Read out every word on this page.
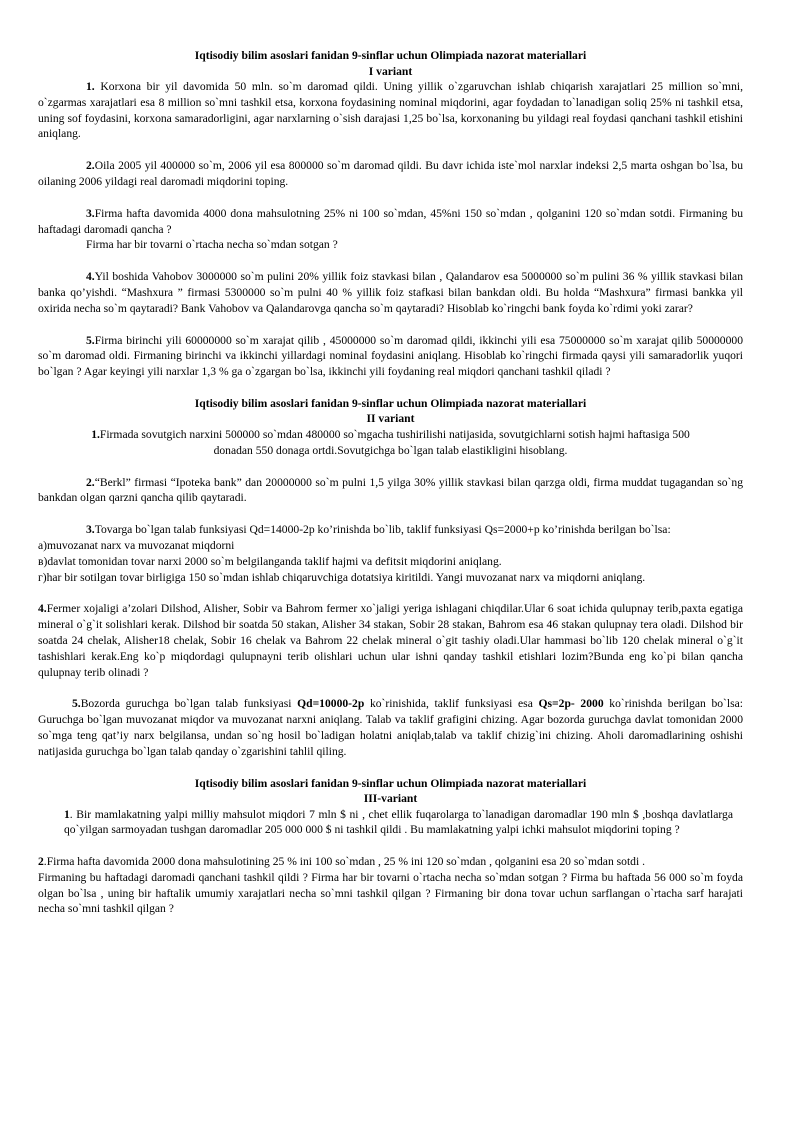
Iqtisodiy bilim asoslari fanidan 9-sinflar uchun Olimpiada nazorat materiallari
I variant

1. Korxona bir yil davomida 50 mln. so`m daromad qildi. Uning yillik o`zgaruvchan ishlab chiqarish xarajatlari 25 million so`mni, o`zgarmas xarajatlari esa 8 million so`mni tashkil etsa, korxona foydasining nominal miqdorini, agar foydadan to`lanadigan soliq 25% ni tashkil etsa, uning sof foydasini, korxona samaradorligini, agar narxlarning o`sish darajasi 1,25 bo`lsa, korxonaning bu yildagi real foydasi qanchani tashkil etishini aniqlang.

2.Oila 2005 yil 400000 so`m, 2006 yil esa 800000 so`m daromad qildi. Bu davr ichida iste`mol narxlar indeksi 2,5 marta oshgan bo`lsa, bu oilaning 2006 yildagi real daromadi miqdorini toping.

3.Firma hafta davomida 4000 dona mahsulotning 25% ni 100 so`mdan, 45%ni 150 so`mdan , qolganini 120 so`mdan sotdi. Firmaning bu haftadagi daromadi qancha ?

Firma har bir tovarni o`rtacha necha so`mdan sotgan ?

4.Yil boshida Vahobov 3000000 so`m pulini 20% yillik foiz stavkasi bilan , Qalandarov esa 5000000 so`m pulini 36 % yillik stavkasi bilan banka qo’yishdi. “Mashxura ” firmasi 5300000 so`m pulni 40 % yillik foiz stafkasi bilan bankdan oldi. Bu holda “Mashxura” firmasi bankka yil oxirida necha so`m qaytaradi? Bank Vahobov va Qalandarovga qancha so`m qaytaradi? Hisoblab ko`ringchi bank foyda ko`rdimi yoki zarar?

5.Firma birinchi yili 60000000 so`m xarajat qilib , 45000000 so`m daromad qildi, ikkinchi yili esa 75000000 so`m xarajat qilib 50000000 so`m daromad oldi. Firmaning birinchi va ikkinchi yillardagi nominal foydasini aniqlang. Hisoblab ko`ringchi firmada qaysi yili samaradorlik yuqori bo`lgan ? Agar keyingi yili narxlar 1,3 % ga o`zgargan bo`lsa, ikkinchi yili foydaning real miqdori qanchani tashkil qiladi ?

Iqtisodiy bilim asoslari fanidan 9-sinflar uchun Olimpiada nazorat materiallari
II variant

1.Firmada sovutgich narxini 500000 so`mdan 480000 so`mgacha tushirilishi natijasida, sovutgichlarni sotish hajmi haftasiga 500

donadan 550 donaga ortdi.Sovutgichga bo`lgan talab elastikligini hisoblang.

2.“Berkl” firmasi “Ipoteka bank” dan 20000000 so`m pulni 1,5 yilga 30% yillik stavkasi bilan qarzga oldi, firma muddat tugagandan so`ng bankdan olgan qarzni qancha qilib qaytaradi.

3.Tovarga bo`lgan talab funksiyasi Qd=14000-2p ko’rinishda bo`lib, taklif funksiyasi Qs=2000+p ko’rinishda berilgan bo`lsa:

a)muvozanat narx va muvozanat miqdorni

в)davlat tomonidan tovar narxi 2000 so`m belgilanganda taklif hajmi va defitsit miqdorini aniqlang.

г)har bir sotilgan tovar birligiga 150 so`mdan ishlab chiqaruvchiga dotatsiya kiritildi. Yangi muvozanat narx va miqdorni aniqlang.

4.Fermer xojaligi a’zolari Dilshod, Alisher, Sobir va Bahrom fermer xo`jaligi yeriga ishlagani chiqdilar.Ular 6 soat ichida qulupnay terib,paxta egatiga mineral o`g`it solishlari kerak. Dilshod bir soatda 50 stakan, Alisher 34 stakan, Sobir 28 stakan, Bahrom esa 46 stakan qulupnay tera oladi. Dilshod bir soatda 24 chelak, Alisher18 chelak, Sobir 16 chelak va Bahrom 22 chelak mineral o`git tashiy oladi.Ular hammasi bo`lib 120 chelak mineral o`g`it tashishlari kerak.Eng ko`p miqdordagi qulupnayni terib olishlari uchun ular ishni qanday tashkil etishlari lozim?Bunda eng ko`pi bilan qancha qulupnay terib olinadi ?

5.Bozorda guruchga bo`lgan talab funksiyasi Qd=10000-2p ko`rinishida, taklif funksiyasi esa Qs=2p- 2000 ko`rinishda berilgan bo`lsa: Guruchga bo`lgan muvozanat miqdor va muvozanat narxni aniqlang. Talab va taklif grafigini chizing. Agar bozorda guruchga davlat tomonidan 2000 so`mga teng qat’iy narx belgilansa, undan so`ng hosil bo`ladigan holatni aniqlab,talab va taklif chizig`ini chizing. Aholi daromadlarining oshishi natijasida guruchga bo`lgan talab qanday o`zgarishini tahlil qiling.

Iqtisodiy bilim asoslari fanidan 9-sinflar uchun Olimpiada nazorat materiallari
III-variant

1. Bir mamlakatning yalpi milliy mahsulot miqdori 7 mln $ ni , chet ellik fuqarolarga to`lanadigan daromadlar 190 mln $ ,boshqa davlatlarga qo`yilgan sarmoyadan tushgan daromadlar 205 000 000 $ ni tashkil qildi . Bu mamlakatning yalpi ichki mahsulot miqdorini toping ?

2.Firma hafta davomida 2000 dona mahsulotining 25 % ini 100 so`mdan , 25 % ini 120 so`mdan , qolganini esa 20 so`mdan sotdi .

Firmaning bu haftadagi daromadi qanchani tashkil qildi ? Firma har bir tovarni o`rtacha necha so`mdan sotgan ? Firma bu haftada 56 000 so`m foyda olgan bo`lsa , uning bir haftalik umumiy xarajatlari necha so`mni tashkil qilgan ? Firmaning bir dona tovar uchun sarflangan o`rtacha sarf harajati necha so`mni tashkil qilgan ?
